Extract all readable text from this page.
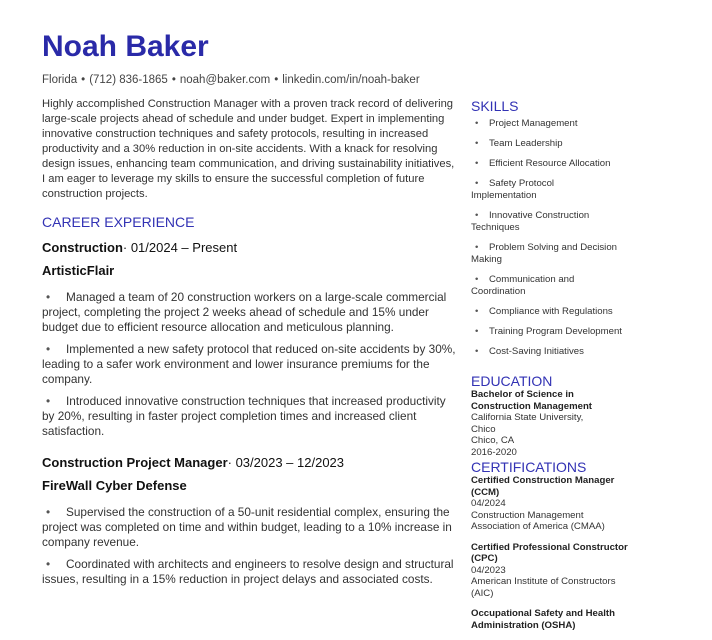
Noah Baker
Florida • (712) 836-1865 • noah@baker.com • linkedin.com/in/noah-baker
Highly accomplished Construction Manager with a proven track record of delivering large-scale projects ahead of schedule and under budget. Expert in implementing innovative construction techniques and safety protocols, resulting in increased productivity and a 30% reduction in on-site accidents. With a knack for resolving design issues, enhancing team communication, and driving sustainability initiatives, I am eager to leverage my skills to ensure the successful completion of future construction projects.
CAREER EXPERIENCE
Construction· 01/2024 – Present
ArtisticFlair
• Managed a team of 20 construction workers on a large-scale commercial project, completing the project 2 weeks ahead of schedule and 15% under budget due to efficient resource allocation and meticulous planning.
• Implemented a new safety protocol that reduced on-site accidents by 30%, leading to a safer work environment and lower insurance premiums for the company.
• Introduced innovative construction techniques that increased productivity by 20%, resulting in faster project completion times and increased client satisfaction.
Construction Project Manager· 03/2023 – 12/2023
FireWall Cyber Defense
• Supervised the construction of a 50-unit residential complex, ensuring the project was completed on time and within budget, leading to a 10% increase in company revenue.
• Coordinated with architects and engineers to resolve design and structural issues, resulting in a 15% reduction in project delays and associated costs.
SKILLS
• Project Management
• Team Leadership
• Efficient Resource Allocation
• Safety Protocol Implementation
• Innovative Construction Techniques
• Problem Solving and Decision Making
• Communication and Coordination
• Compliance with Regulations
• Training Program Development
• Cost-Saving Initiatives
EDUCATION
Bachelor of Science in Construction Management
California State University, Chico
Chico, CA
2016-2020
CERTIFICATIONS
Certified Construction Manager (CCM)
04/2024
Construction Management Association of America (CMAA)
Certified Professional Constructor (CPC)
04/2023
American Institute of Constructors (AIC)
Occupational Safety and Health Administration (OSHA)
